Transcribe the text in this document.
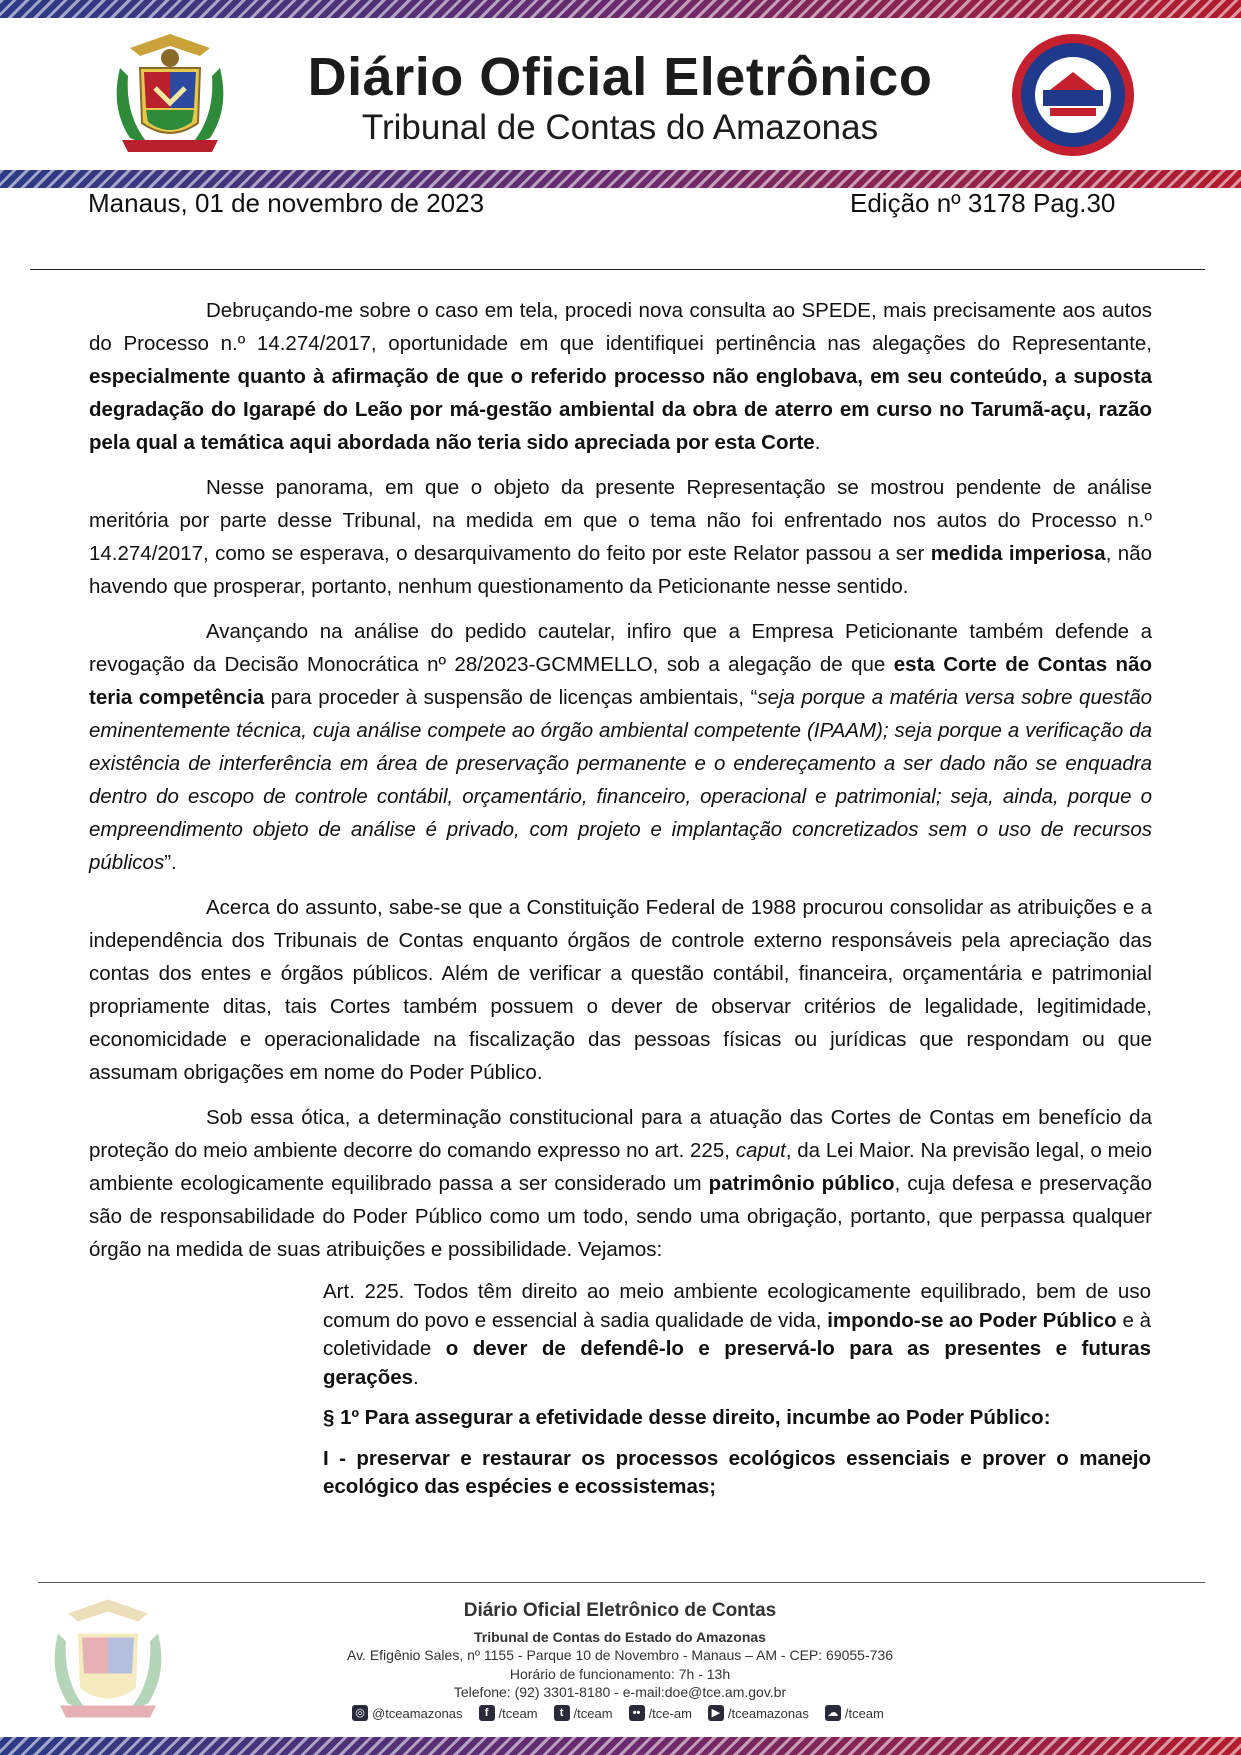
Diário Oficial Eletrônico
Tribunal de Contas do Amazonas
Manaus, 01 de novembro de 2023	Edição nº 3178 Pag.30

Debruçando-me sobre o caso em tela, procedi nova consulta ao SPEDE, mais precisamente aos autos do Processo n.º 14.274/2017, oportunidade em que identifiquei pertinência nas alegações do Representante, especialmente quanto à afirmação de que o referido processo não englobava, em seu conteúdo, a suposta degradação do Igarapé do Leão por má-gestão ambiental da obra de aterro em curso no Tarumã-açu, razão pela qual a temática aqui abordada não teria sido apreciada por esta Corte.

Nesse panorama, em que o objeto da presente Representação se mostrou pendente de análise meritória por parte desse Tribunal, na medida em que o tema não foi enfrentado nos autos do Processo n.º 14.274/2017, como se esperava, o desarquivamento do feito por este Relator passou a ser medida imperiosa, não havendo que prosperar, portanto, nenhum questionamento da Peticionante nesse sentido.

Avançando na análise do pedido cautelar, infiro que a Empresa Peticionante também defende a revogação da Decisão Monocrática nº 28/2023-GCMMELLO, sob a alegação de que esta Corte de Contas não teria competência para proceder à suspensão de licenças ambientais, “seja porque a matéria versa sobre questão eminentemente técnica, cuja análise compete ao órgão ambiental competente (IPAAM); seja porque a verificação da existência de interferência em área de preservação permanente e o endereçamento a ser dado não se enquadra dentro do escopo de controle contábil, orçamentário, financeiro, operacional e patrimonial; seja, ainda, porque o empreendimento objeto de análise é privado, com projeto e implantação concretizados sem o uso de recursos públicos”.

Acerca do assunto, sabe-se que a Constituição Federal de 1988 procurou consolidar as atribuições e a independência dos Tribunais de Contas enquanto órgãos de controle externo responsáveis pela apreciação das contas dos entes e órgãos públicos. Além de verificar a questão contábil, financeira, orçamentária e patrimonial propriamente ditas, tais Cortes também possuem o dever de observar critérios de legalidade, legitimidade, economicidade e operacionalidade na fiscalização das pessoas físicas ou jurídicas que respondam ou que assumam obrigações em nome do Poder Público.

Sob essa ótica, a determinação constitucional para a atuação das Cortes de Contas em benefício da proteção do meio ambiente decorre do comando expresso no art. 225, caput, da Lei Maior. Na previsão legal, o meio ambiente ecologicamente equilibrado passa a ser considerado um patrimônio público, cuja defesa e preservação são de responsabilidade do Poder Público como um todo, sendo uma obrigação, portanto, que perpassa qualquer órgão na medida de suas atribuições e possibilidade. Vejamos:

Art. 225. Todos têm direito ao meio ambiente ecologicamente equilibrado, bem de uso comum do povo e essencial à sadia qualidade de vida, impondo-se ao Poder Público e à coletividade o dever de defendê-lo e preservá-lo para as presentes e futuras gerações.

§ 1º Para assegurar a efetividade desse direito, incumbe ao Poder Público:

I - preservar e restaurar os processos ecológicos essenciais e prover o manejo ecológico das espécies e ecossistemas;

Diário Oficial Eletrônico de Contas
Tribunal de Contas do Estado do Amazonas
Av. Efigênio Sales, nº 1155 - Parque 10 de Novembro - Manaus – AM - CEP: 69055-736
Horário de funcionamento: 7h - 13h
Telefone: (92) 3301-8180 - e-mail:doe@tce.am.gov.br
◎ @tceamazonas	f /tceam	t /tceam	•• /tce-am	▶ /tceamazonas ☁ /tceam
